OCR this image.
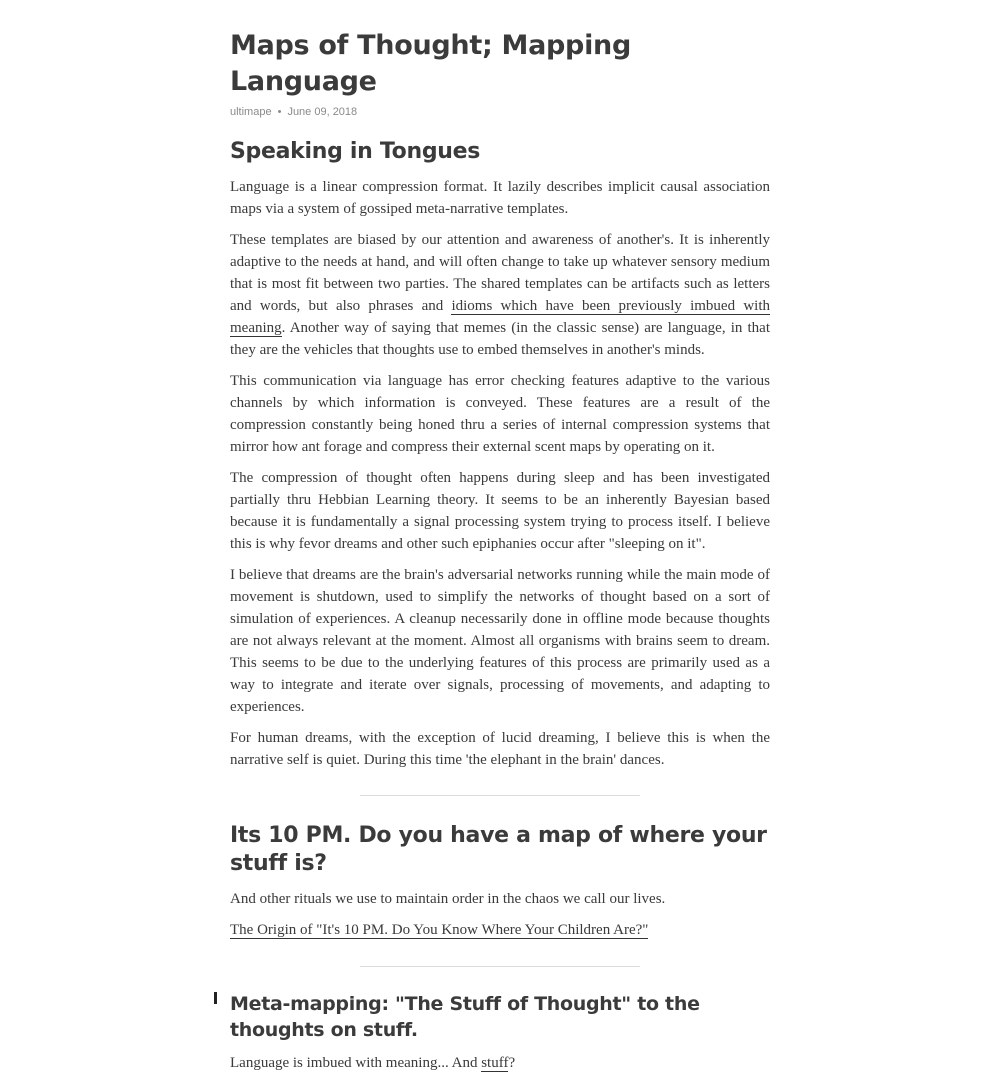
Maps of Thought; Mapping Language
ultimape • June 09, 2018
Speaking in Tongues

Language is a linear compression format. It lazily describes implicit causal association maps via a system of gossiped meta-narrative templates.

These templates are biased by our attention and awareness of another's. It is inherently adaptive to the needs at hand, and will often change to take up whatever sensory medium that is most fit between two parties. The shared templates can be artifacts such as letters and words, but also phrases and idioms which have been previously imbued with meaning. Another way of saying that memes (in the classic sense) are language, in that they are the vehicles that thoughts use to embed themselves in another's minds.

This communication via language has error checking features adaptive to the various channels by which information is conveyed. These features are a result of the compression constantly being honed thru a series of internal compression systems that mirror how ant forage and compress their external scent maps by operating on it.

The compression of thought often happens during sleep and has been investigated partially thru Hebbian Learning theory. It seems to be an inherently Bayesian based because it is fundamentally a signal processing system trying to process itself. I believe this is why fevor dreams and other such epiphanies occur after "sleeping on it".

I believe that dreams are the brain's adversarial networks running while the main mode of movement is shutdown, used to simplify the networks of thought based on a sort of simulation of experiences. A cleanup necessarily done in offline mode because thoughts are not always relevant at the moment. Almost all organisms with brains seem to dream. This seems to be due to the underlying features of this process are primarily used as a way to integrate and iterate over signals, processing of movements, and adapting to experiences.

For human dreams, with the exception of lucid dreaming, I believe this is when the narrative self is quiet. During this time 'the elephant in the brain' dances.

Its 10 PM. Do you have a map of where your stuff is?

And other rituals we use to maintain order in the chaos we call our lives.

The Origin of "It's 10 PM. Do You Know Where Your Children Are?"

Meta-mapping: "The Stuff of Thought" to the thoughts on stuff.

Language is imbued with meaning... And stuff?
